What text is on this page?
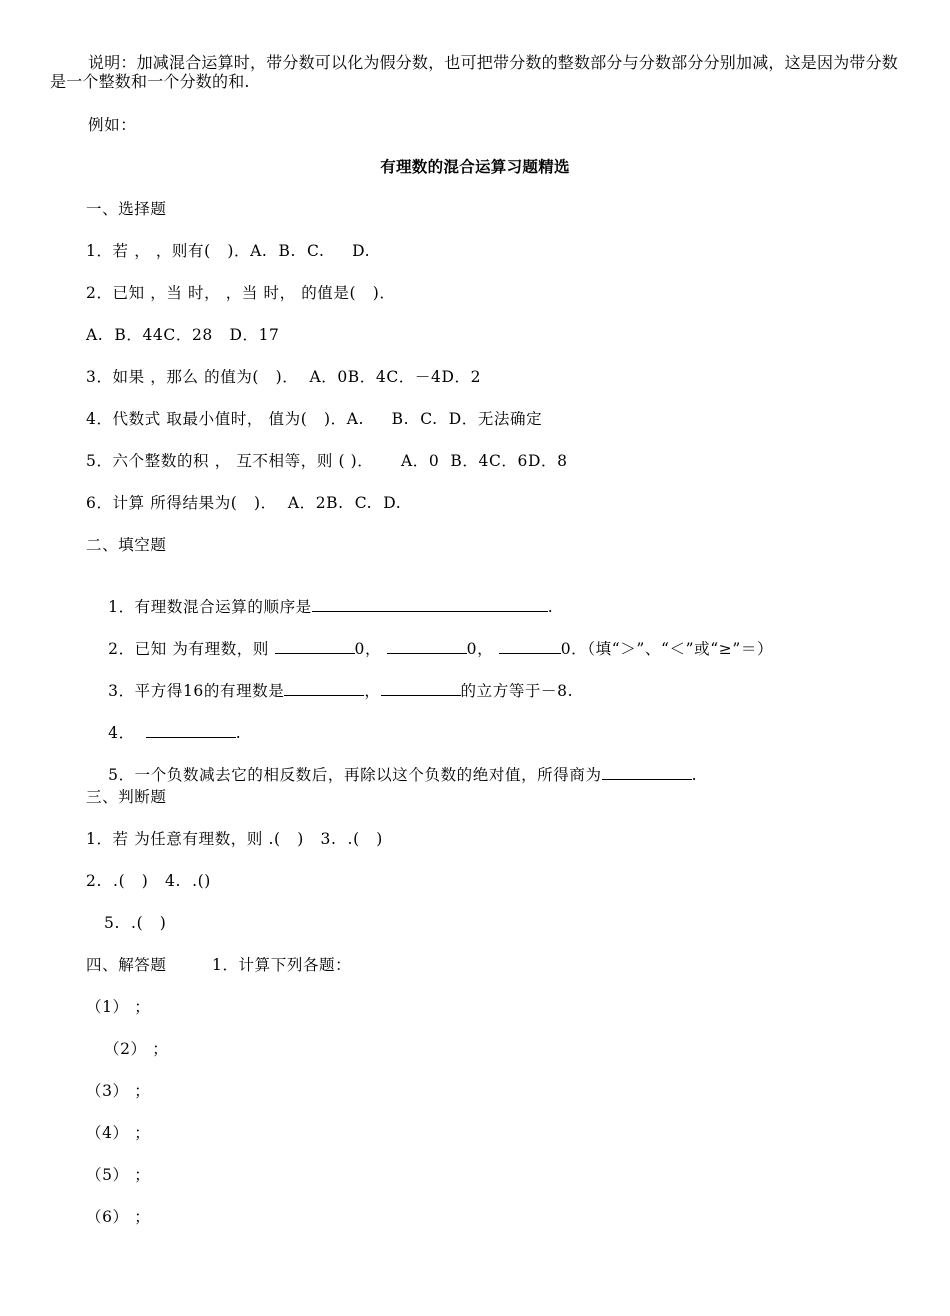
说明：加减混合运算时，带分数可以化为假分数，也可把带分数的整数部分与分数部分分别加减，这是因为带分数是一个整数和一个分数的和.
例如：
有理数的混合运算习题精选
一、选择题
1．若 ， ，则有(   )．A.  B.  C.     D.
2．已知 ，当 时， ，当 时， 的值是(   )．
A.  B．44C．28   D．17
3．如果 ，那么 的值为(   )．  A．0B．4C．－4D．2
4．代数式 取最小值时， 值为(   )．A.     B.  C.  D．无法确定
5．六个整数的积 ， 互不相等，则 ( )．     A．0  B．4C．6D．8
6．计算 所得结果为(   )．  A．2B.  C.  D.
二、填空题

1．有理数混合运算的顺序是	.

2．已知 为有理数，则	0，	0，	0．（填“＞”、“＜”或“≥”＝）

3．平方得16的有理数是	，	的立方等于－8.

4．	.

5．一个负数减去它的相反数后，再除以这个负数的绝对值，所得商为	.

三、判断题
1．若 为任意有理数，则 .(   )   3.  .(   )
2.  .(   )   4.  .()
5.  .(   )
四、解答题	1．计算下列各题：
（1） ；
（2） ；
（3） ；
（4） ；
（5） ；
（6） ；
